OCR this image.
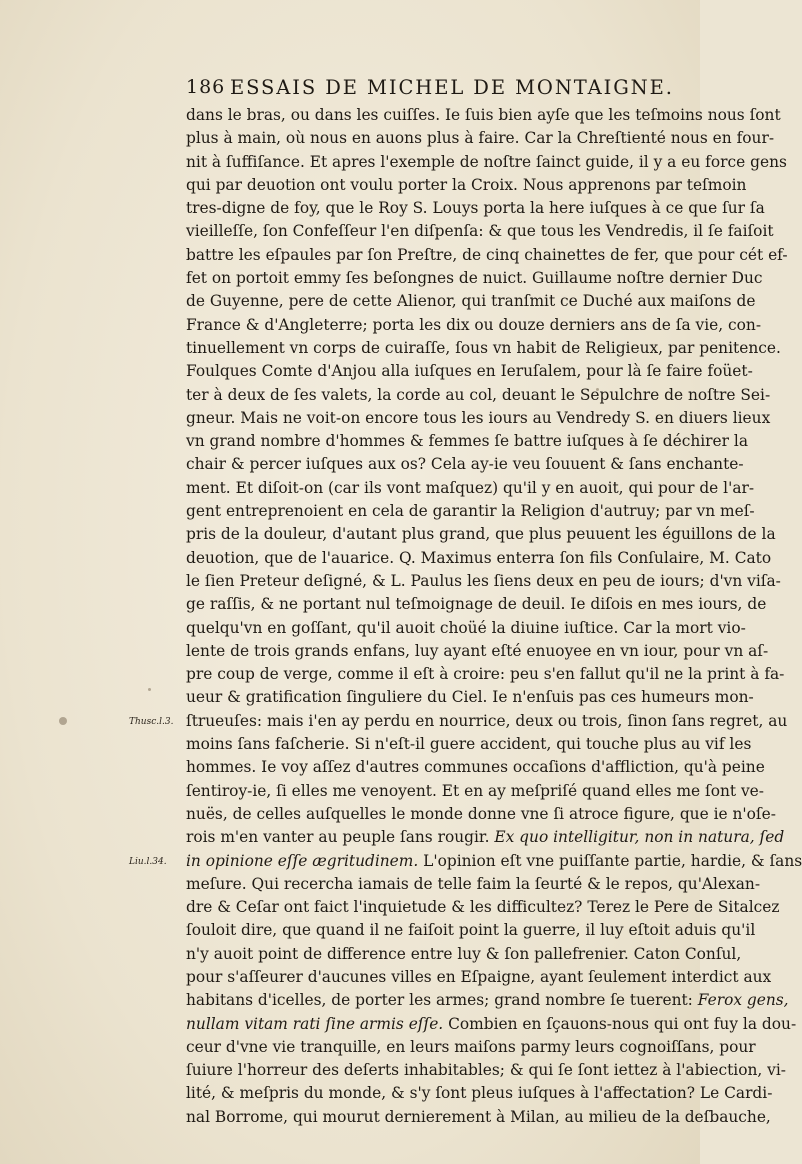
186 ESSAIS DE MICHEL DE MONTAIGNE.
dans le bras, ou dans les cuiſſes. Ie ſuis bien ayſe que les teſmoins nous ſont
plus à main, où nous en auons plus à faire. Car la Chreſtienté nous en four-
nit à ſuffiſance. Et apres l'exemple de noſtre ſainct guide, il y a eu force gens
qui par deuotion ont voulu porter la Croix. Nous apprenons par teſmoin
tres-digne de foy, que le Roy S. Louys porta la here iuſques à ce que ſur ſa
vieilleſſe, ſon Confeſſeur l'en diſpenſa: & que tous les Vendredis, il ſe faiſoit
battre les eſpaules par ſon Preſtre, de cinq chainettes de fer, que pour cét ef-
fet on portoit emmy ſes beſongnes de nuict. Guillaume noſtre dernier Duc
de Guyenne, pere de cette Alienor, qui tranſmit ce Duché aux maiſons de
France & d'Angleterre; porta les dix ou douze derniers ans de ſa vie, con-
tinuellement vn corps de cuiraſſe, ſous vn habit de Religieux, par penitence.
Foulques Comte d'Anjou alla iuſques en Ieruſalem, pour là ſe faire foüet-
ter à deux de ſes valets, la corde au col, deuant le Sepulchre de noſtre Sei-
gneur. Mais ne voit-on encore tous les iours au Vendredy S. en diuers lieux
vn grand nombre d'hommes & femmes ſe battre iuſques à ſe déchirer la
chair & percer iuſques aux os? Cela ay-ie veu ſouuent & ſans enchante-
ment. Et diſoit-on (car ils vont maſquez) qu'il y en auoit, qui pour de l'ar-
gent entreprenoient en cela de garantir la Religion d'autruy; par vn meſ-
pris de la douleur, d'autant plus grand, que plus peuuent les éguillons de la
deuotion, que de l'auarice. Q. Maximus enterra ſon fils Conſulaire, M. Cato
le ſien Preteur deſigné, & L. Paulus les ſiens deux en peu de iours; d'vn viſa-
ge raſſis, & ne portant nul teſmoignage de deuil. Ie diſois en mes iours, de
quelqu'vn en goſſant, qu'il auoit choüé la diuine iuſtice. Car la mort vio-
lente de trois grands enfans, luy ayant eſté enuoyee en vn iour, pour vn aſ-
pre coup de verge, comme il eſt à croire: peu s'en fallut qu'il ne la print à fa-
ueur & gratification ſinguliere du Ciel. Ie n'enſuis pas ces humeurs mon-
ſtrueuſes: mais i'en ay perdu en nourrice, deux ou trois, ſinon ſans regret, au
moins ſans faſcherie. Si n'eſt-il guere accident, qui touche plus au vif les
hommes. Ie voy aſſez d'autres communes occaſions d'affliction, qu'à peine
ſentiroy-ie, ſi elles me venoyent. Et en ay meſpriſé quand elles me ſont ve-
nuës, de celles auſquelles le monde donne vne ſi atroce figure, que ie n'oſe-
rois m'en vanter au peuple ſans rougir. Ex quo intelligitur, non in natura, ſed
in opinione eſſe ægritudinem. L'opinion eſt vne puiſſante partie, hardie, & ſans
meſure. Qui recercha iamais de telle faim la ſeurté & le repos, qu'Alexan-
dre & Ceſar ont faict l'inquietude & les difficultez? Terez le Pere de Sitalcez
ſouloit dire, que quand il ne faiſoit point la guerre, il luy eſtoit aduis qu'il
n'y auoit point de difference entre luy & ſon pallefrenier. Caton Conſul,
pour s'aſſeurer d'aucunes villes en Eſpaigne, ayant ſeulement interdict aux
habitans d'icelles, de porter les armes; grand nombre ſe tuerent: Ferox gens,
nullam vitam rati ſine armis eſſe. Combien en ſçauons-nous qui ont fuy la dou-
ceur d'vne vie tranquille, en leurs maiſons parmy leurs cognoiſſans, pour
ſuiure l'horreur des deſerts inhabitables; & qui ſe ſont iettez à l'abiection, vi-
lité, & meſpris du monde, & s'y ſont pleus iuſques à l'affectation? Le Cardi-
nal Borrome, qui mourut dernierement à Milan, au milieu de la deſbauche,
Thusc.l.3.
Liu.l.34.
